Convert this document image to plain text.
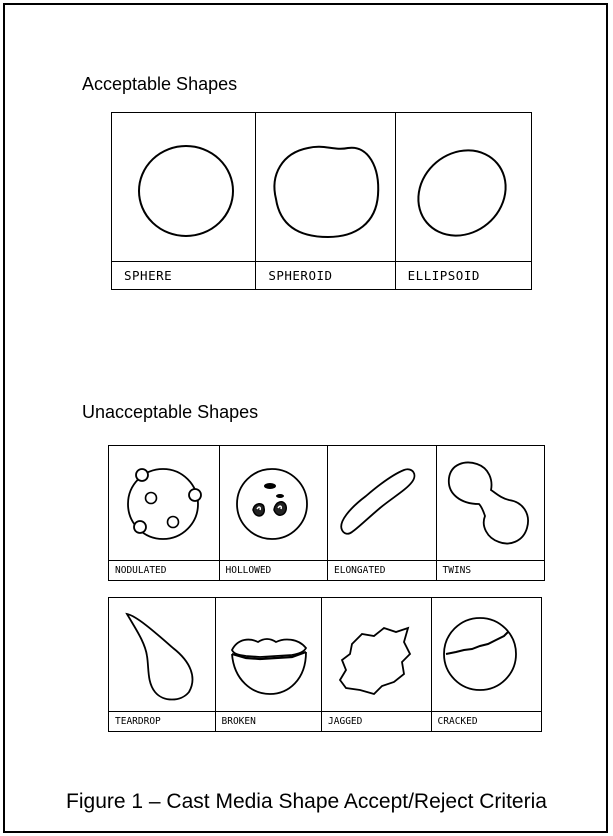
Acceptable Shapes
SPHERE	SPHEROID	ELLIPSOID
Unacceptable Shapes
NODULATED	HOLLOWED	ELONGATED	TWINS
TEARDROP	BROKEN	JAGGED	CRACKED
Figure 1 – Cast Media Shape Accept/Reject Criteria
